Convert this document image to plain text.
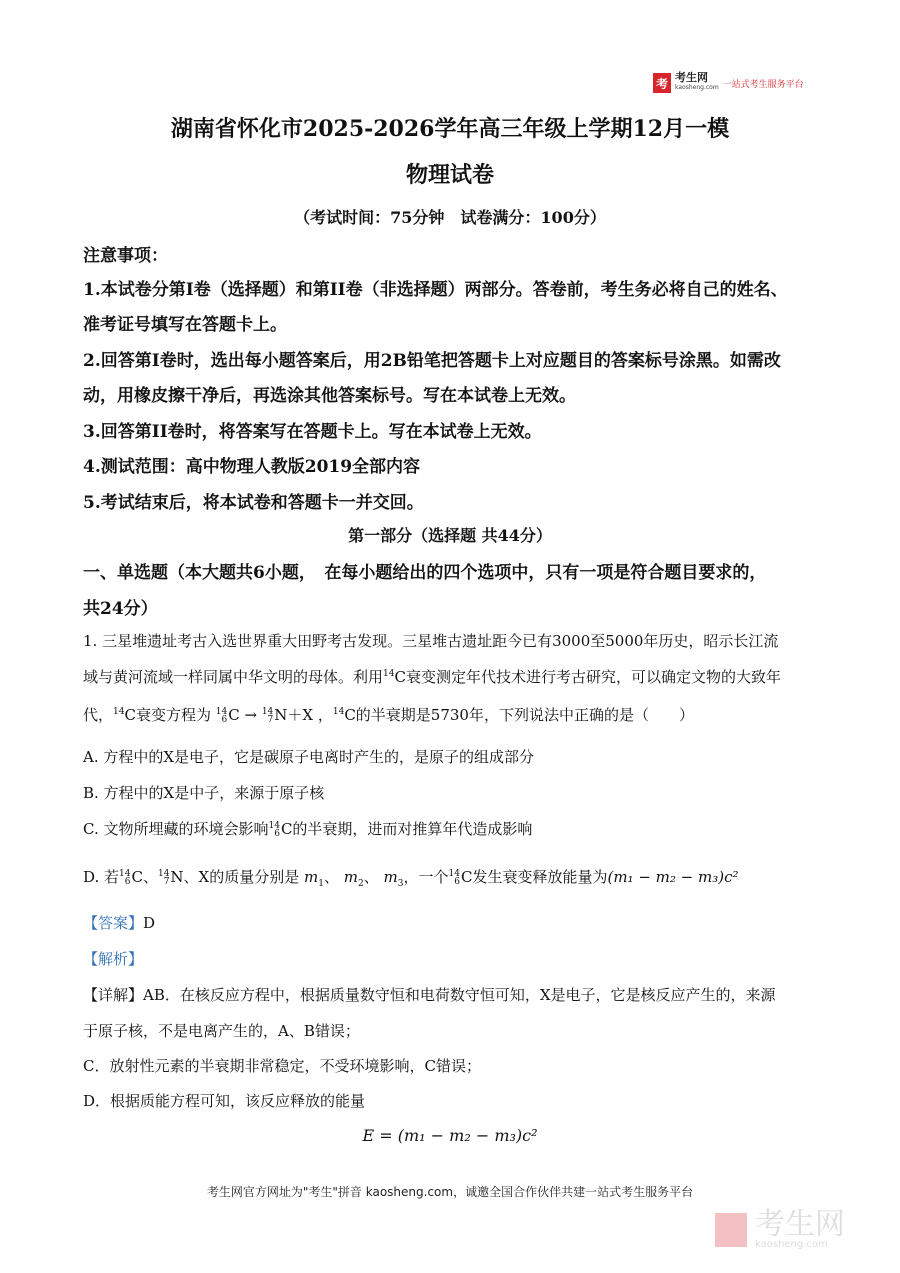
考 考生网
kaosheng.com 一站式考生服务平台
湖南省怀化市2025-2026学年高三年级上学期12月一模
物理试卷
（考试时间：75分钟　试卷满分：100分）
注意事项：
1.本试卷分第I卷（选择题）和第II卷（非选择题）两部分。答卷前，考生务必将自己的姓名、
准考证号填写在答题卡上。
2.回答第I卷时，选出每小题答案后，用2B铅笔把答题卡上对应题目的答案标号涂黑。如需改
动，用橡皮擦干净后，再选涂其他答案标号。写在本试卷上无效。
3.回答第II卷时，将答案写在答题卡上。写在本试卷上无效。
4.测试范围：高中物理人教版2019全部内容
5.考试结束后，将本试卷和答题卡一并交回。
第一部分（选择题 共44分）
一、单选题（本大题共6小题，　在每小题给出的四个选项中，只有一项是符合题目要求的，
共24分）
1. 三星堆遗址考古入选世界重大田野考古发现。三星堆古遗址距今已有3000至5000年历史，昭示长江流
域与黄河流域一样同属中华文明的母体。利用$^{14}$C衰变测定年代技术进行考古研究，可以确定文物的大致年
代，$^{14}$C衰变方程为 14
6 C → 14
7 N＋X ，$^{14}$C的半衰期是5730年，下列说法中正确的是（　　）
A. 方程中的X是电子，它是碳原子电离时产生的，是原子的组成部分
B. 方程中的X是中子，来源于原子核
C. 文物所埋藏的环境会影响 14
6 C的半衰期，进而对推算年代造成影响
D. 若 14
6 C、 14
7 N、X的质量分别是 $m_1$、 $m_2$、 $m_3$，一个 14
6 C发生衰变释放能量为(m₁ − m₂ − m₃)c²
【答案】D
【解析】
【详解】AB．在核反应方程中，根据质量数守恒和电荷数守恒可知，X是电子，它是核反应产生的，来源
于原子核，不是电离产生的，A、B错误；
C．放射性元素的半衰期非常稳定，不受环境影响，C错误；
D．根据质能方程可知，该反应释放的能量
E = (m₁ − m₂ − m₃)c²
考生网官方网址为"考生"拼音 kaosheng.com，诚邀全国合作伙伴共建一站式考生服务平台
考生网
kaosheng.com
